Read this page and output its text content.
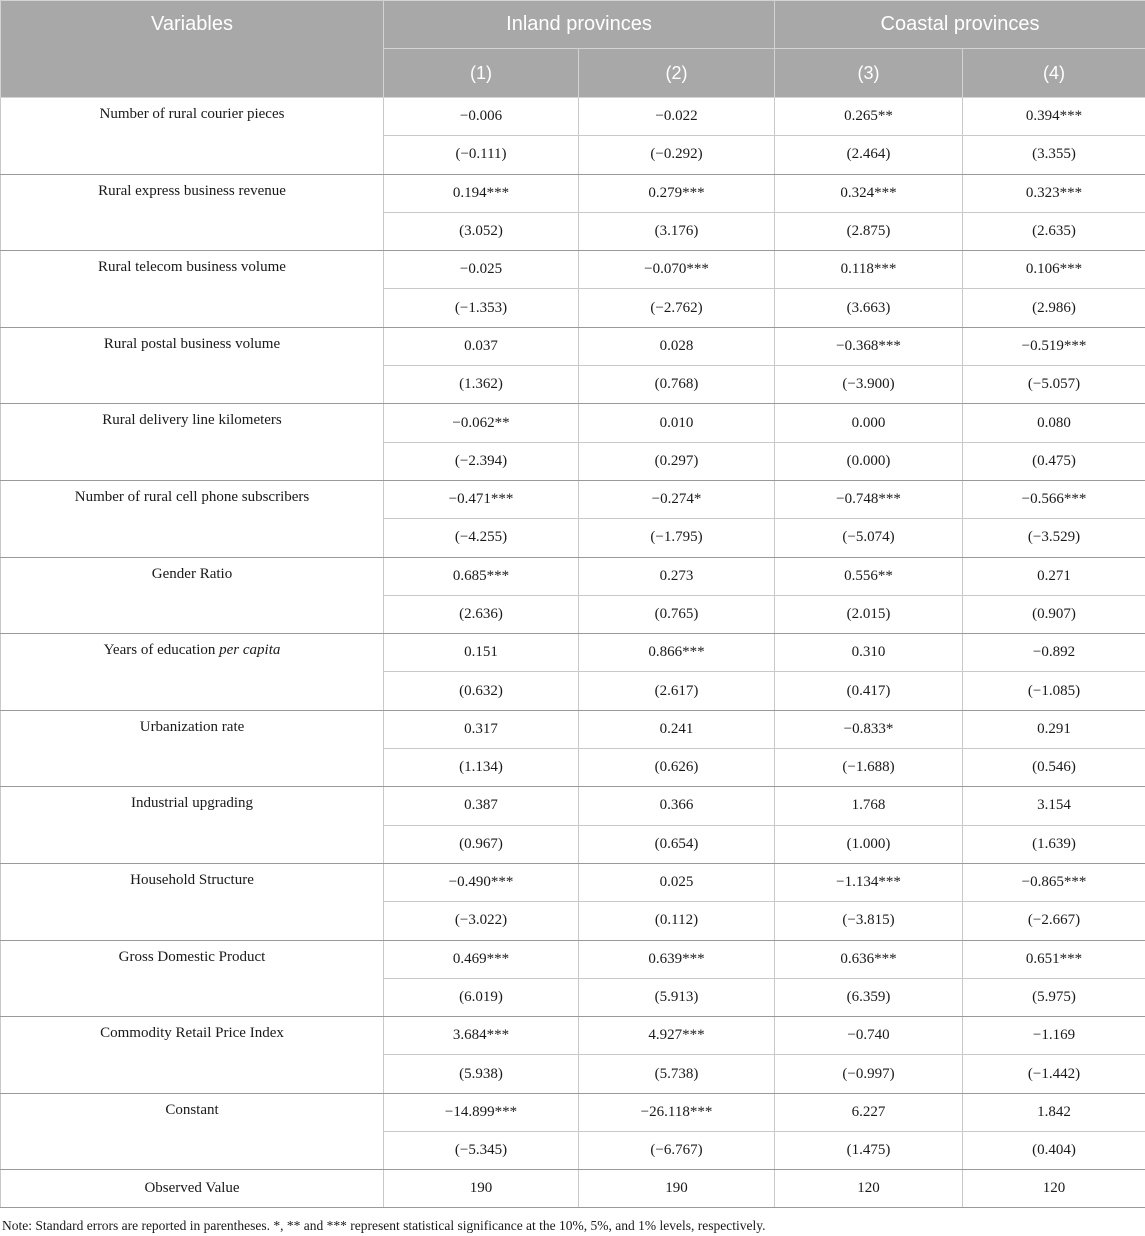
Variables	Inland provinces		Coastal provinces	
	(1)	(2)	(3)	(4)
Number of rural courier pieces	−0.006	−0.022	0.265**	0.394***
	(−0.111)	(−0.292)	(2.464)	(3.355)
Rural express business revenue	0.194***	0.279***	0.324***	0.323***
	(3.052)	(3.176)	(2.875)	(2.635)
Rural telecom business volume	−0.025	−0.070***	0.118***	0.106***
	(−1.353)	(−2.762)	(3.663)	(2.986)
Rural postal business volume	0.037	0.028	−0.368***	−0.519***
	(1.362)	(0.768)	(−3.900)	(−5.057)
Rural delivery line kilometers	−0.062**	0.010	0.000	0.080
	(−2.394)	(0.297)	(0.000)	(0.475)
Number of rural cell phone subscribers	−0.471***	−0.274*	−0.748***	−0.566***
	(−4.255)	(−1.795)	(−5.074)	(−3.529)
Gender Ratio	0.685***	0.273	0.556**	0.271
	(2.636)	(0.765)	(2.015)	(0.907)
Years of education per capita	0.151	0.866***	0.310	−0.892
	(0.632)	(2.617)	(0.417)	(−1.085)
Urbanization rate	0.317	0.241	−0.833*	0.291
	(1.134)	(0.626)	(−1.688)	(0.546)
Industrial upgrading	0.387	0.366	1.768	3.154
	(0.967)	(0.654)	(1.000)	(1.639)
Household Structure	−0.490***	0.025	−1.134***	−0.865***
	(−3.022)	(0.112)	(−3.815)	(−2.667)
Gross Domestic Product	0.469***	0.639***	0.636***	0.651***
	(6.019)	(5.913)	(6.359)	(5.975)
Commodity Retail Price Index	3.684***	4.927***	−0.740	−1.169
	(5.938)	(5.738)	(−0.997)	(−1.442)
Constant	−14.899***	−26.118***	6.227	1.842
	(−5.345)	(−6.767)	(1.475)	(0.404)
Observed Value	190	190	120	120
Note: Standard errors are reported in parentheses. *, ** and *** represent statistical significance at the 10%, 5%, and 1% levels, respectively.
